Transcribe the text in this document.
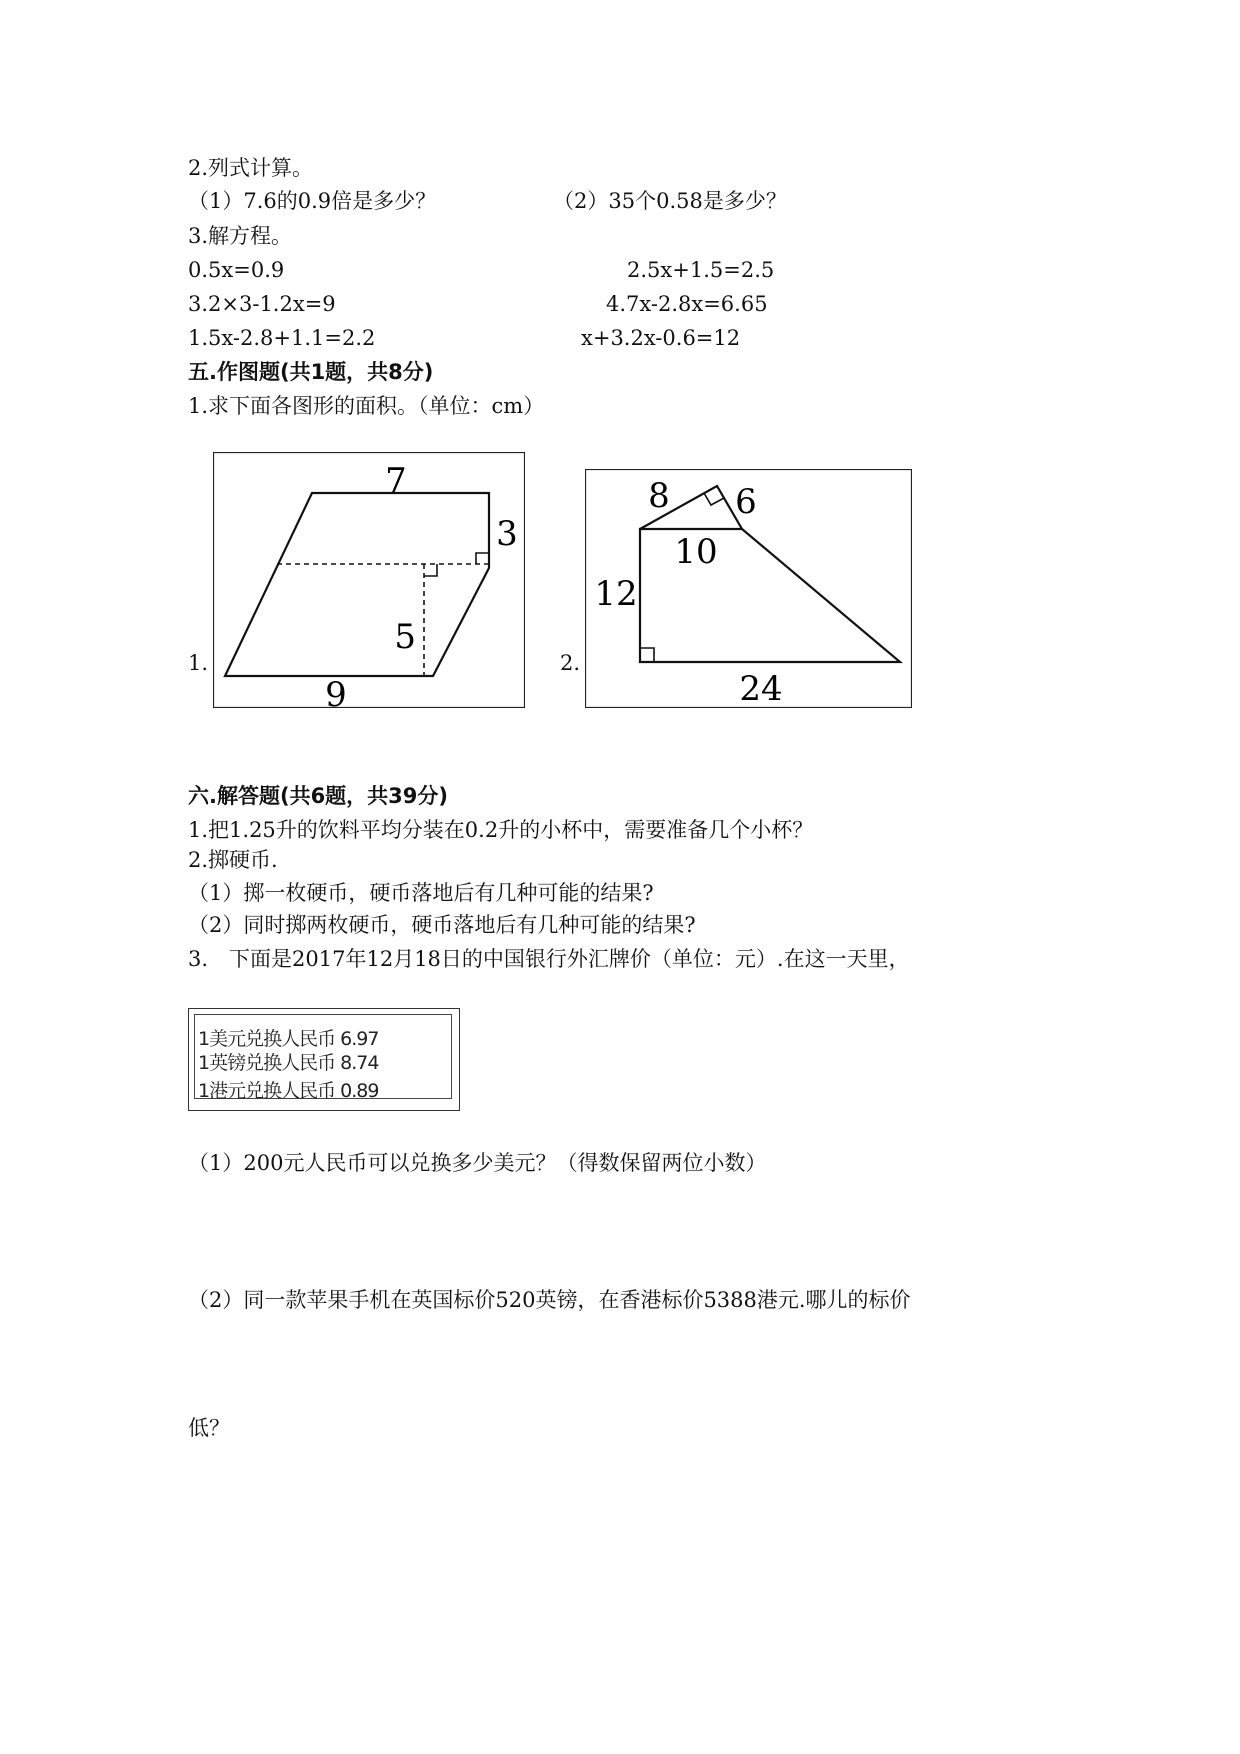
2.列式计算。
（1）7.6的0.9倍是多少？	（2）35个0.58是多少？
3.解方程。
0.5x=0.9	2.5x+1.5=2.5
3.2×3-1.2x=9	4.7x-2.8x=6.65
1.5x-2.8+1.1=2.2	x+3.2x-0.6=12
五.作图题(共1题，共8分)
1.求下面各图形的面积。（单位：cm）
1.
7
3
5
9
2.
8 6
10
12
24
六.解答题(共6题，共39分)
1.把1.25升的饮料平均分装在0.2升的小杯中，需要准备几个小杯？
2.掷硬币.
（1）掷一枚硬币，硬币落地后有几种可能的结果?
（2）同时掷两枚硬币，硬币落地后有几种可能的结果?
3.　下面是2017年12月18日的中国银行外汇牌价（单位：元）.在这一天里，
1美元兑换人民币 6.97
1英镑兑换人民币 8.74
1港元兑换人民币 0.89
（1）200元人民币可以兑换多少美元？（得数保留两位小数）
（2）同一款苹果手机在英国标价520英镑，在香港标价5388港元.哪儿的标价
低？
